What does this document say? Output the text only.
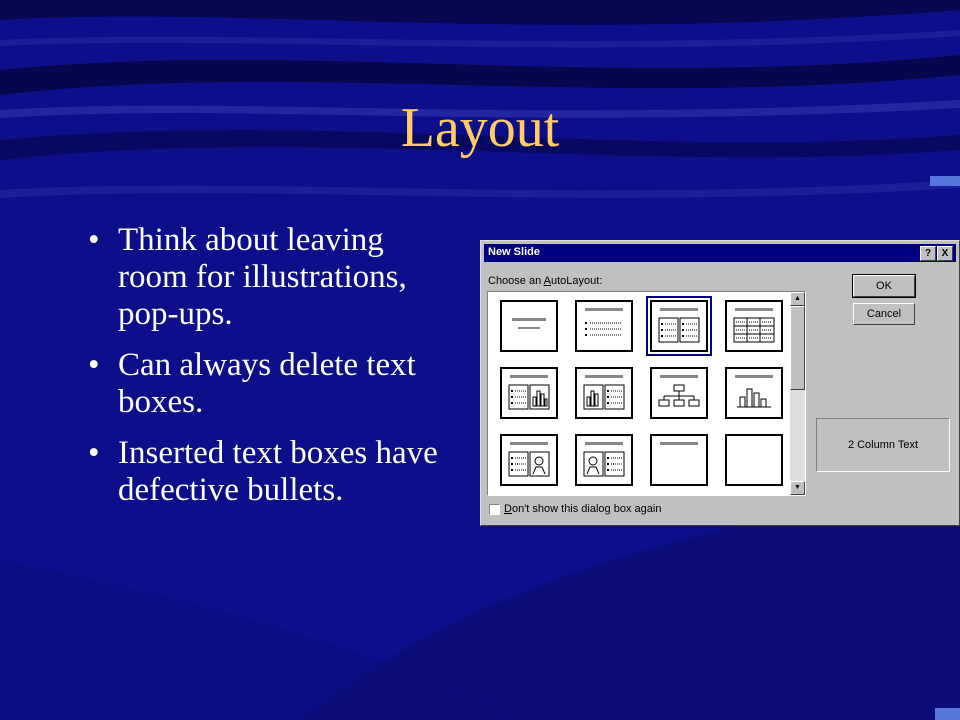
Layout
• Think about leaving room for illustrations, pop-ups.
• Can always delete text boxes.
• Inserted text boxes have defective bullets.
New Slide	?	X
Choose an AutoLayout:
▲
▼
OK
Cancel
2 Column Text
Don't show this dialog box again
